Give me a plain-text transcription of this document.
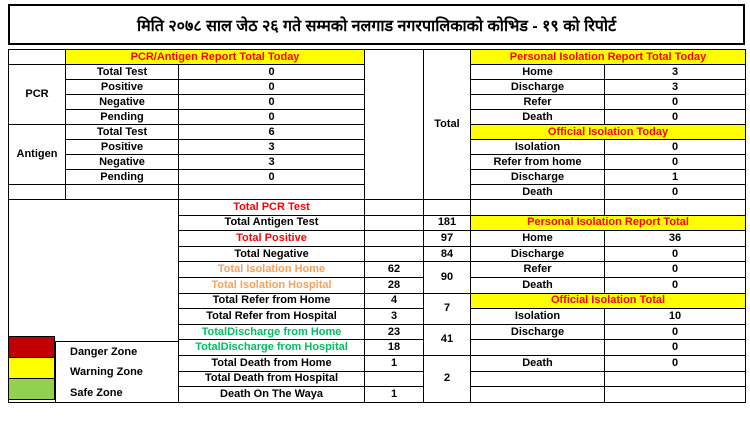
मिति २०७८ साल जेठ २६ गते सम्मको नलगाड नगरपालिकाको कोभिड - १९ को रिपोर्ट
	PCR/Antigen Report Total Today			Total	Personal Isolation Report Total Today	
PCR	Total Test	0			Home	3
	Positive	0			Discharge	3
	Negative	0			Refer	0
	Pending	0			Death	0
Antigen	Total Test	6			Official Isolation Today	
	Positive	3			Isolation	0
	Negative	3			Refer from home	0
	Pending	0			Discharge	1
					Death	0
	Total PCR Test				
	Total Antigen Test		181	Personal Isolation Report Total	
	Total Positive		97	Home	36
	Total Negative		84	Discharge	0
	Total Isolation Home	62	90	Refer	0
	Total Isolation Hospital	28		Death	0
	Total Refer from Home	4	7	Official Isolation Total	
	Total Refer from Hospital	3		Isolation	10
	TotalDischarge from Home	23	41	Discharge	0
	TotalDischarge from Hospital	18			0
	Total Death from Home	1	2	Death	0
	Total Death from Hospital				
	Death On The Waya	1			
Danger Zone
Warning Zone
Safe Zone
